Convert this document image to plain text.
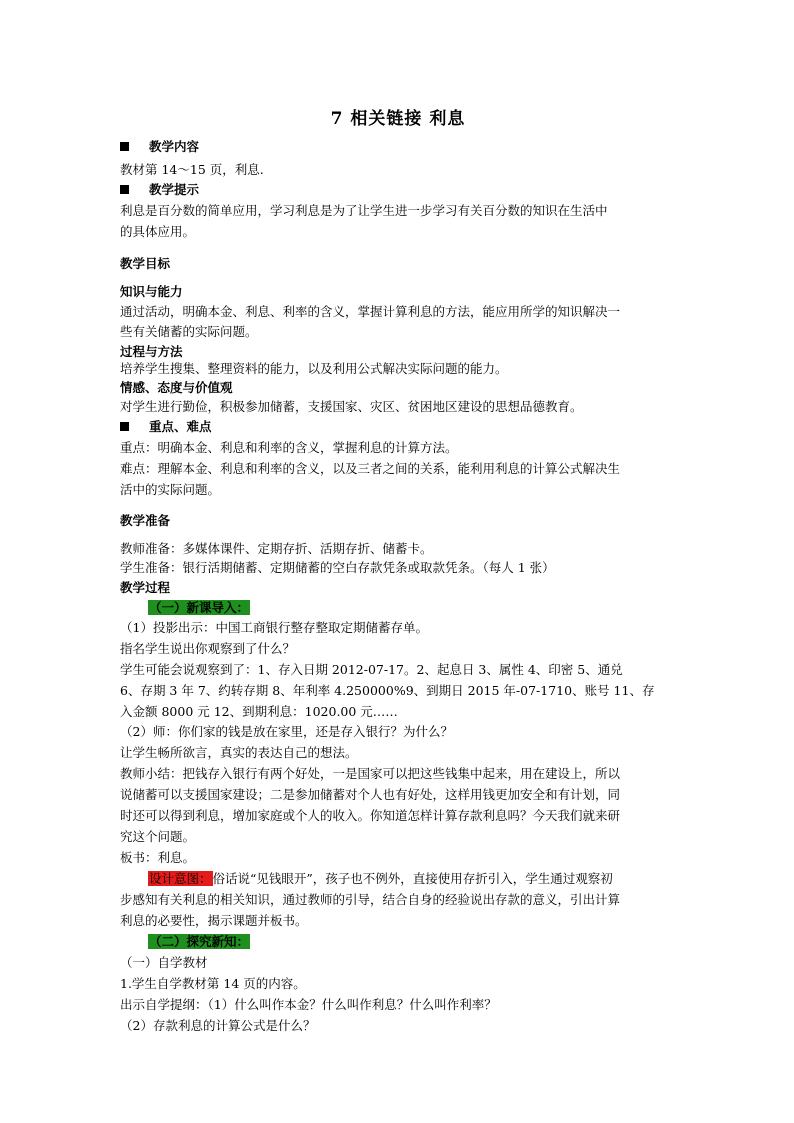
7 相关链接 利息
教学内容
教材第 14～15 页，利息.
教学提示
利息是百分数的简单应用，学习利息是为了让学生进一步学习有关百分数的知识在生活中
的具体应用。
教学目标
知识与能力
通过活动，明确本金、利息、利率的含义，掌握计算利息的方法，能应用所学的知识解决一
些有关储蓄的实际问题。
过程与方法
培养学生搜集、整理资料的能力，以及利用公式解决实际问题的能力。
情感、态度与价值观
对学生进行勤俭，积极参加储蓄，支援国家、灾区、贫困地区建设的思想品德教育。
重点、难点
重点：明确本金、利息和利率的含义，掌握利息的计算方法。
难点：理解本金、利息和利率的含义，以及三者之间的关系，能利用利息的计算公式解决生
活中的实际问题。
教学准备
教师准备：多媒体课件、定期存折、活期存折、储蓄卡。
学生准备：银行活期储蓄、定期储蓄的空白存款凭条或取款凭条。（每人 1 张）
教学过程
（一）新课导入：
（1）投影出示：中国工商银行整存整取定期储蓄存单。
指名学生说出你观察到了什么？
学生可能会说观察到了：1、存入日期 2012-07-17。2、起息日 3、属性 4、印密 5、通兑
6、存期 3 年 7、约转存期 8、年利率 4.250000%9、到期日 2015 年-07-1710、账号 11、存
入金额 8000 元 12、到期利息：1020.00 元……
（2）师：你们家的钱是放在家里，还是存入银行？为什么？
让学生畅所欲言，真实的表达自己的想法。
教师小结：把钱存入银行有两个好处，一是国家可以把这些钱集中起来，用在建设上，所以
说储蓄可以支援国家建设；二是参加储蓄对个人也有好处，这样用钱更加安全和有计划，同
时还可以得到利息，增加家庭或个人的收入。你知道怎样计算存款利息吗？今天我们就来研
究这个问题。
板书：利息。
设计意图：俗话说“见钱眼开”，孩子也不例外，直接使用存折引入，学生通过观察初
步感知有关利息的相关知识，通过教师的引导，结合自身的经验说出存款的意义，引出计算
利息的必要性，揭示课题并板书。
（二）探究新知：
（一）自学教材
1.学生自学教材第 14 页的内容。
出示自学提纲：（1）什么叫作本金？什么叫作利息？什么叫作利率？
（2）存款利息的计算公式是什么？
